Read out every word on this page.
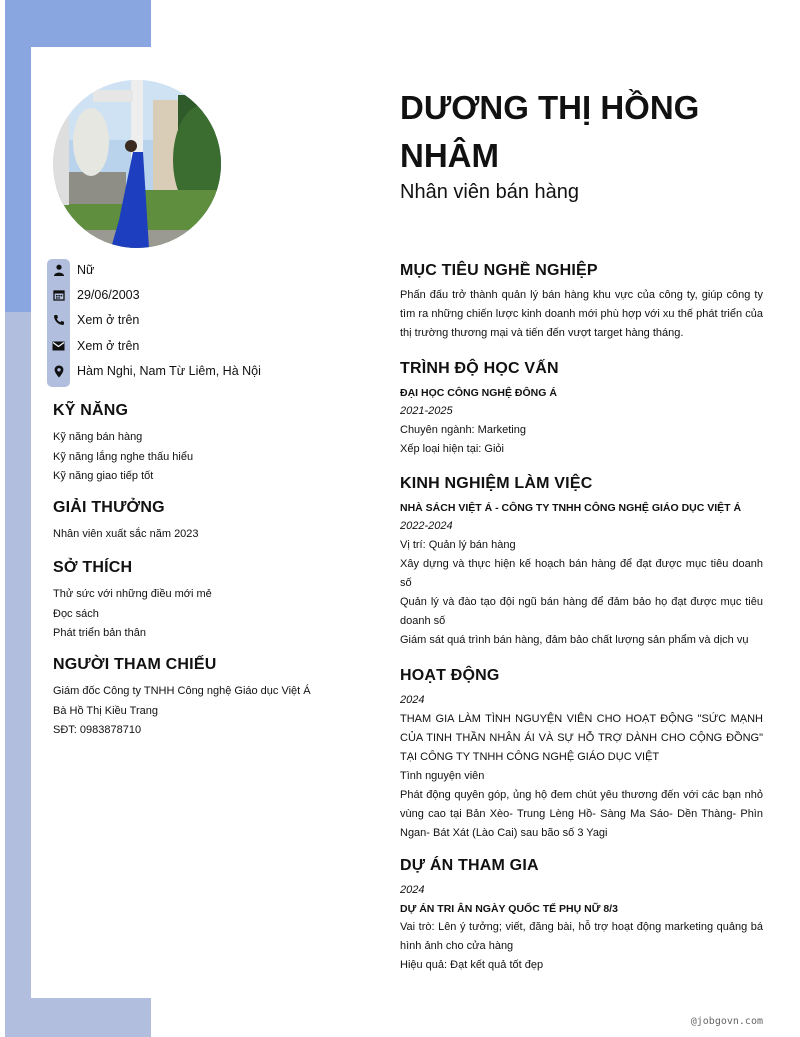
Nữ
29/06/2003
Xem ở trên
Xem ở trên
Hàm Nghi, Nam Từ Liêm, Hà Nội
KỸ NĂNG

Kỹ năng bán hàng

Kỹ năng lắng nghe thấu hiểu

Kỹ năng giao tiếp tốt

GIẢI THƯỞNG

Nhân viên xuất sắc năm 2023

SỞ THÍCH

Thử sức với những điều mới mẻ

Đọc sách

Phát triển bản thân

NGƯỜI THAM CHIẾU

Giám đốc Công ty TNHH Công nghệ Giáo dục Việt Á

Bà Hồ Thị Kiều Trang

SĐT: 0983878710

DƯƠNG THỊ HỒNG NHÂM
Nhân viên bán hàng
MỤC TIÊU NGHỀ NGHIỆP

Phấn đấu trở thành quản lý bán hàng khu vực của công ty, giúp công ty tìm ra những chiến lược kinh doanh mới phù hợp với xu thế phát triển của thị trường thương mại và tiến đến vượt target hàng tháng.

TRÌNH ĐỘ HỌC VẤN
ĐẠI HỌC CÔNG NGHỆ ĐÔNG Á
2021-2025

Chuyên ngành: Marketing

Xếp loại hiện tại: Giỏi

KINH NGHIỆM LÀM VIỆC
NHÀ SÁCH VIỆT Á - CÔNG TY TNHH CÔNG NGHỆ GIÁO DỤC VIỆT Á
2022-2024

Vị trí: Quản lý bán hàng

Xây dựng và thực hiện kế hoạch bán hàng để đạt được mục tiêu doanh số

Quản lý và đào tạo đội ngũ bán hàng để đảm bảo họ đạt được mục tiêu doanh số

Giám sát quá trình bán hàng, đảm bảo chất lượng sản phẩm và dịch vụ

HOẠT ĐỘNG
2024

THAM GIA LÀM TÌNH NGUYỆN VIÊN CHO HOẠT ĐỘNG "SỨC MẠNH CỦA TINH THẦN NHÂN ÁI VÀ SỰ HỖ TRỢ DÀNH CHO CỘNG ĐỒNG" TẠI CÔNG TY TNHH CÔNG NGHỆ GIÁO DỤC VIỆT

Tình nguyện viên

Phát động quyên góp, ủng hộ đem chút yêu thương đến với các bạn nhỏ vùng cao tại Bản Xèo- Trung Lèng Hồ- Sàng Ma Sáo- Dền Thàng- Phìn Ngan- Bát Xát (Lào Cai) sau bão số 3 Yagi

DỰ ÁN THAM GIA
2024
DỰ ÁN TRI ÂN NGÀY QUỐC TẾ PHỤ NỮ 8/3

Vai trò: Lên ý tưởng; viết, đăng bài, hỗ trợ hoạt động marketing quảng bá hình ảnh cho cửa hàng

Hiệu quả: Đạt kết quả tốt đẹp

@jobgovn.com
